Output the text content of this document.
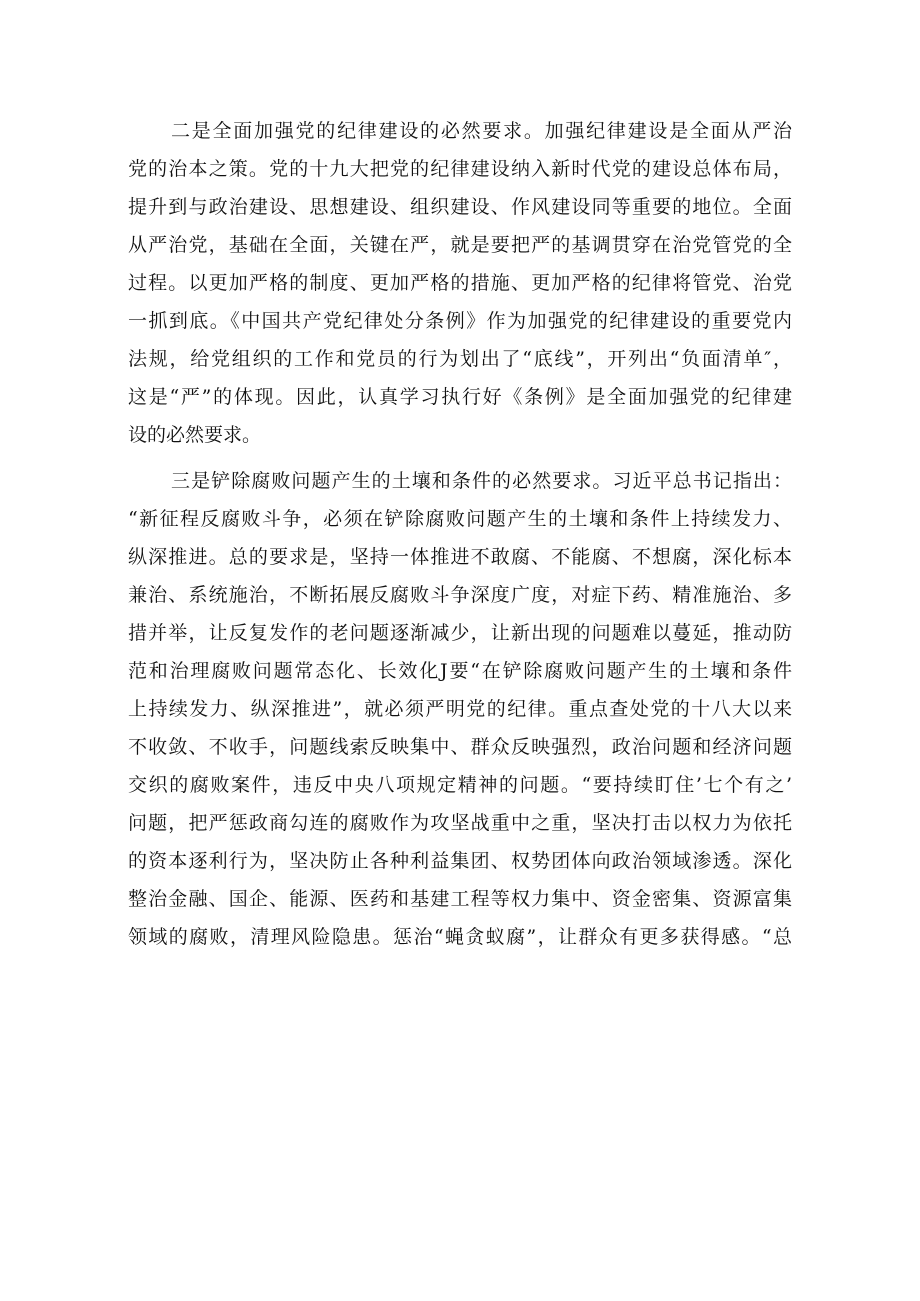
二是全面加强党的纪律建设的必然要求。加强纪律建设是全面从严治
党的治本之策。党的十九大把党的纪律建设纳入新时代党的建设总体布局，
提升到与政治建设、思想建设、组织建设、作风建设同等重要的地位。全面
从严治党，基础在全面，关键在严，就是要把严的基调贯穿在治党管党的全
过程。以更加严格的制度、更加严格的措施、更加严格的纪律将管党、治党
一抓到底。《中国共产党纪律处分条例》作为加强党的纪律建设的重要党内
法规，给党组织的工作和党员的行为划出了“底线”，开列出“负面清单″，
这是“严”的体现。因此，认真学习执行好《条例》是全面加强党的纪律建
设的必然要求。
三是铲除腐败问题产生的土壤和条件的必然要求。习近平总书记指出：
“新征程反腐败斗争，必须在铲除腐败问题产生的土壤和条件上持续发力、
纵深推进。总的要求是，坚持一体推进不敢腐、不能腐、不想腐，深化标本
兼治、系统施治，不断拓展反腐败斗争深度广度，对症下药、精准施治、多
措并举，让反复发作的老问题逐渐减少，让新出现的问题难以蔓延，推动防
范和治理腐败问题常态化、长效化J要“在铲除腐败问题产生的土壤和条件
上持续发力、纵深推进”，就必须严明党的纪律。重点查处党的十八大以来
不收敛、不收手，问题线索反映集中、群众反映强烈，政治问题和经济问题
交织的腐败案件，违反中央八项规定精神的问题。“要持续盯住’七个有之’
问题，把严惩政商勾连的腐败作为攻坚战重中之重，坚决打击以权力为依托
的资本逐利行为，坚决防止各种利益集团、权势团体向政治领域渗透。深化
整治金融、国企、能源、医药和基建工程等权力集中、资金密集、资源富集
领域的腐败，清理风险隐患。惩治“蝇贪蚁腐”，让群众有更多获得感。“总
